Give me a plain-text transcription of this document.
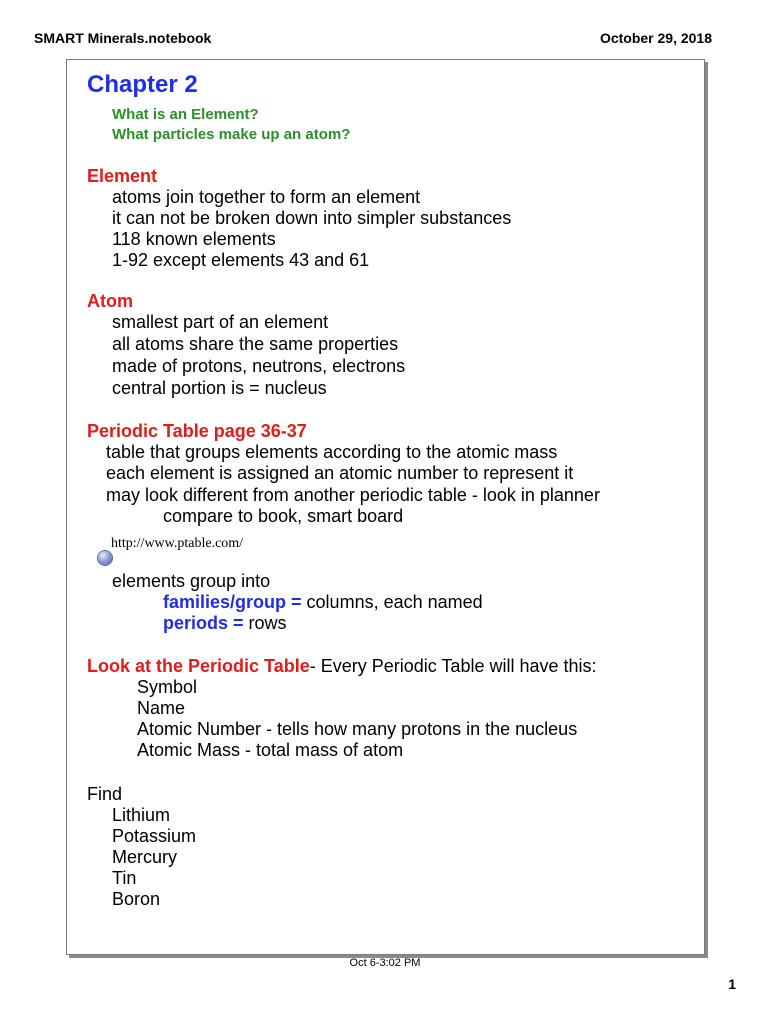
SMART Minerals.notebook	October 29, 2018
Chapter 2
What is an Element?
What particles make up an atom?
Element
atoms join together to form an element
it can not be broken down into simpler substances
118 known elements
1-92 except elements 43 and 61
Atom
smallest part of an element
all atoms share the same properties
made of protons, neutrons, electrons
central portion is = nucleus
Periodic Table page 36-37
table that groups elements according to the atomic mass
each element is assigned an atomic number to represent it
may look different from another periodic table - look in planner
compare to book, smart board
http://www.ptable.com/
elements group into
families/group = columns, each named
periods = rows
Look at the Periodic Table- Every Periodic Table will have this:
Symbol
Name
Atomic Number - tells how many protons in the nucleus
Atomic Mass - total mass of atom
Find
Lithium
Potassium
Mercury
Tin
Boron
Oct 6-3:02 PM
1
